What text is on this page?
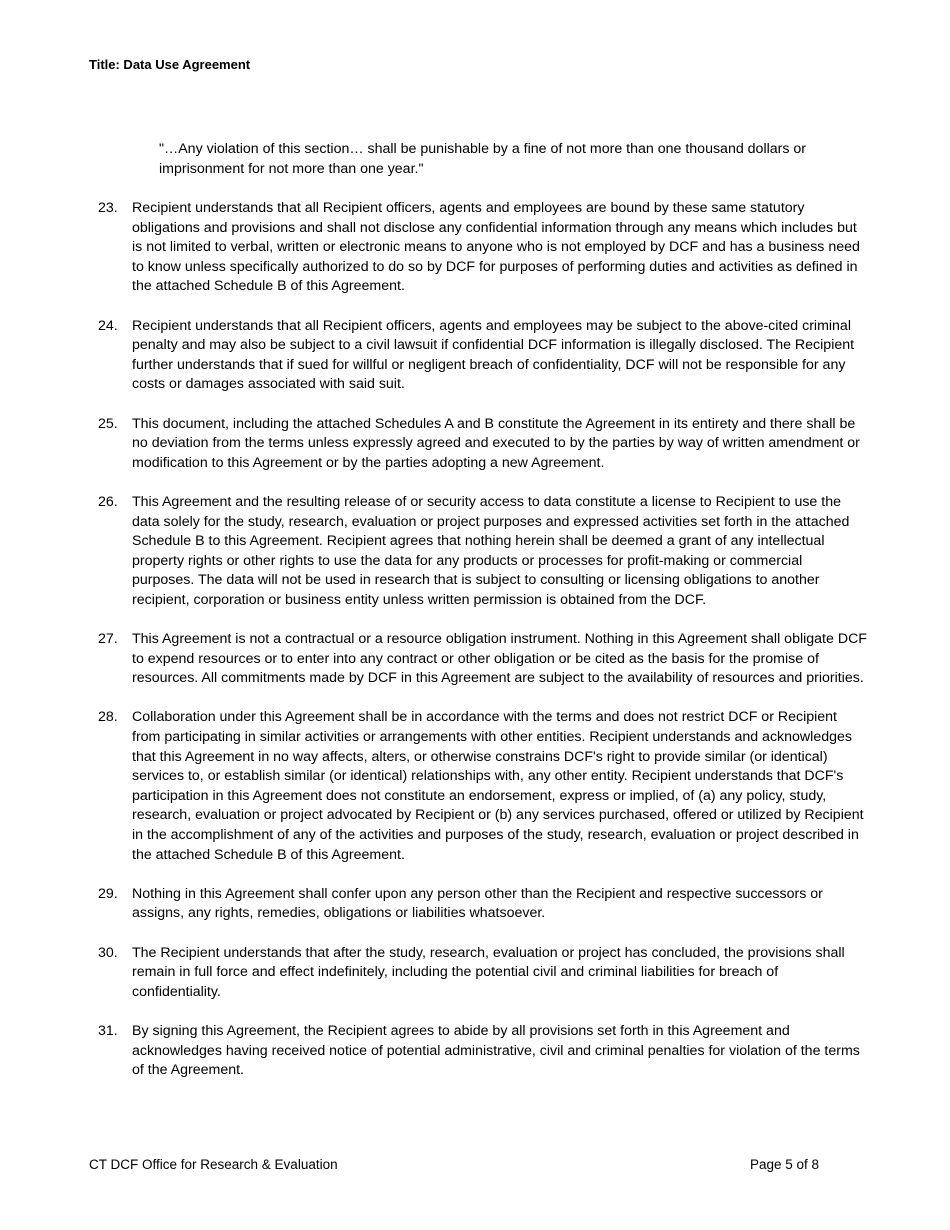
Title: Data Use Agreement
"…Any violation of this section… shall be punishable by a fine of not more than one thousand dollars or imprisonment for not more than one year."
23.	Recipient understands that all Recipient officers, agents and employees are bound by these same statutory obligations and provisions and shall not disclose any confidential information through any means which includes but is not limited to verbal, written or electronic means to anyone who is not employed by DCF and has a business need to know unless specifically authorized to do so by DCF for purposes of performing duties and activities as defined in the attached Schedule B of this Agreement.
24.	Recipient understands that all Recipient officers, agents and employees may be subject to the above-cited criminal penalty and may also be subject to a civil lawsuit if confidential DCF information is illegally disclosed. The Recipient further understands that if sued for willful or negligent breach of confidentiality, DCF will not be responsible for any costs or damages associated with said suit.
25.	This document, including the attached Schedules A and B constitute the Agreement in its entirety and there shall be no deviation from the terms unless expressly agreed and executed to by the parties by way of written amendment or modification to this Agreement or by the parties adopting a new Agreement.
26.	This Agreement and the resulting release of or security access to data constitute a license to Recipient to use the data solely for the study, research, evaluation or project purposes and expressed activities set forth in the attached Schedule B to this Agreement. Recipient agrees that nothing herein shall be deemed a grant of any intellectual property rights or other rights to use the data for any products or processes for profit-making or commercial purposes. The data will not be used in research that is subject to consulting or licensing obligations to another recipient, corporation or business entity unless written permission is obtained from the DCF.
27.	This Agreement is not a contractual or a resource obligation instrument. Nothing in this Agreement shall obligate DCF to expend resources or to enter into any contract or other obligation or be cited as the basis for the promise of resources. All commitments made by DCF in this Agreement are subject to the availability of resources and priorities.
28.	Collaboration under this Agreement shall be in accordance with the terms and does not restrict DCF or Recipient from participating in similar activities or arrangements with other entities. Recipient understands and acknowledges that this Agreement in no way affects, alters, or otherwise constrains DCF's right to provide similar (or identical) services to, or establish similar (or identical) relationships with, any other entity. Recipient understands that DCF's participation in this Agreement does not constitute an endorsement, express or implied, of (a) any policy, study, research, evaluation or project advocated by Recipient or (b) any services purchased, offered or utilized by Recipient in the accomplishment of any of the activities and purposes of the study, research, evaluation or project described in the attached Schedule B of this Agreement.
29.	Nothing in this Agreement shall confer upon any person other than the Recipient and respective successors or assigns, any rights, remedies, obligations or liabilities whatsoever.
30.	The Recipient understands that after the study, research, evaluation or project has concluded, the provisions shall remain in full force and effect indefinitely, including the potential civil and criminal liabilities for breach of confidentiality.
31.	By signing this Agreement, the Recipient agrees to abide by all provisions set forth in this Agreement and acknowledges having received notice of potential administrative, civil and criminal penalties for violation of the terms of the Agreement.
CT DCF Office for Research & Evaluation	Page 5 of 8
